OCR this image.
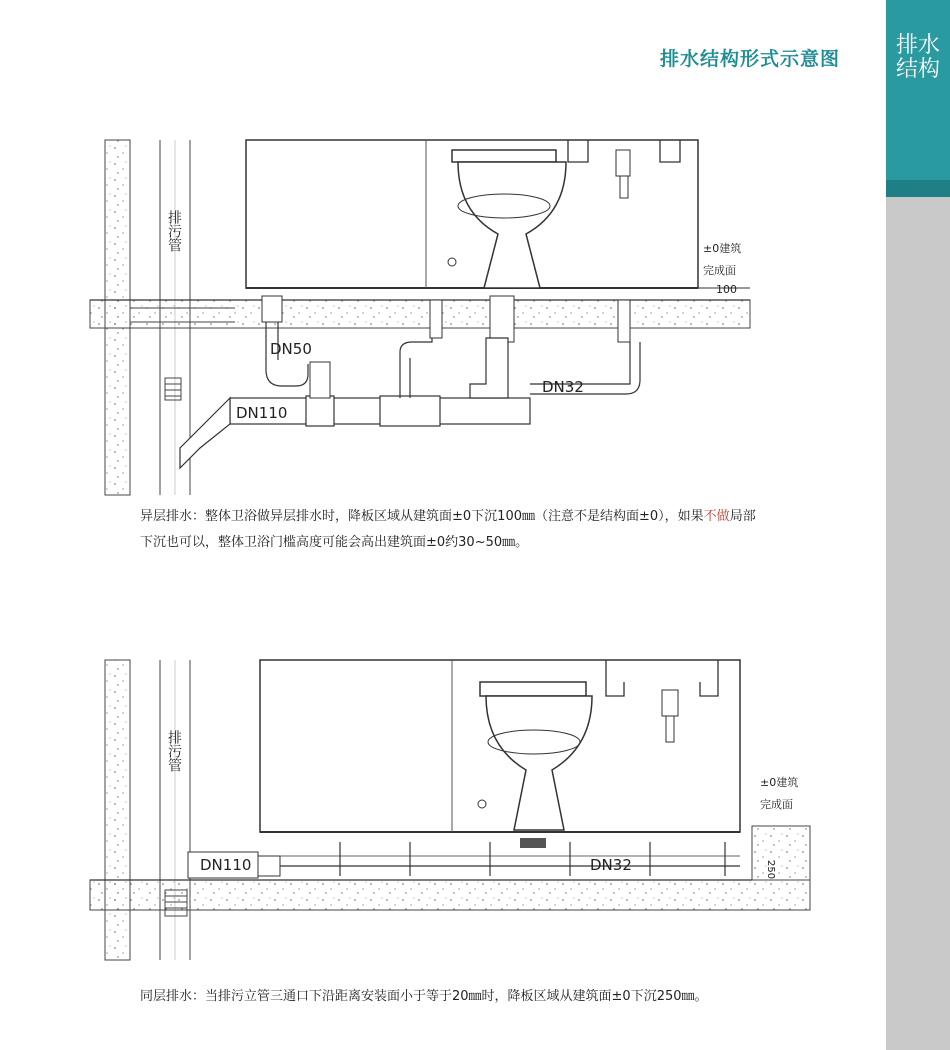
排水结构形式示意图
排水结构
排污管	±0建筑
完成面
100
DN50
DN110
DN32
异层排水：整体卫浴做异层排水时，降板区域从建筑面±0下沉100㎜（注意不是结构面±0），如果不做局部下沉也可以，整体卫浴门槛高度可能会高出建筑面±0约30~50㎜。
排污管
±0建筑
完成面
250
DN110	DN32
同层排水：当排污立管三通口下沿距离安装面小于等于20㎜时，降板区域从建筑面±0下沉250㎜。
